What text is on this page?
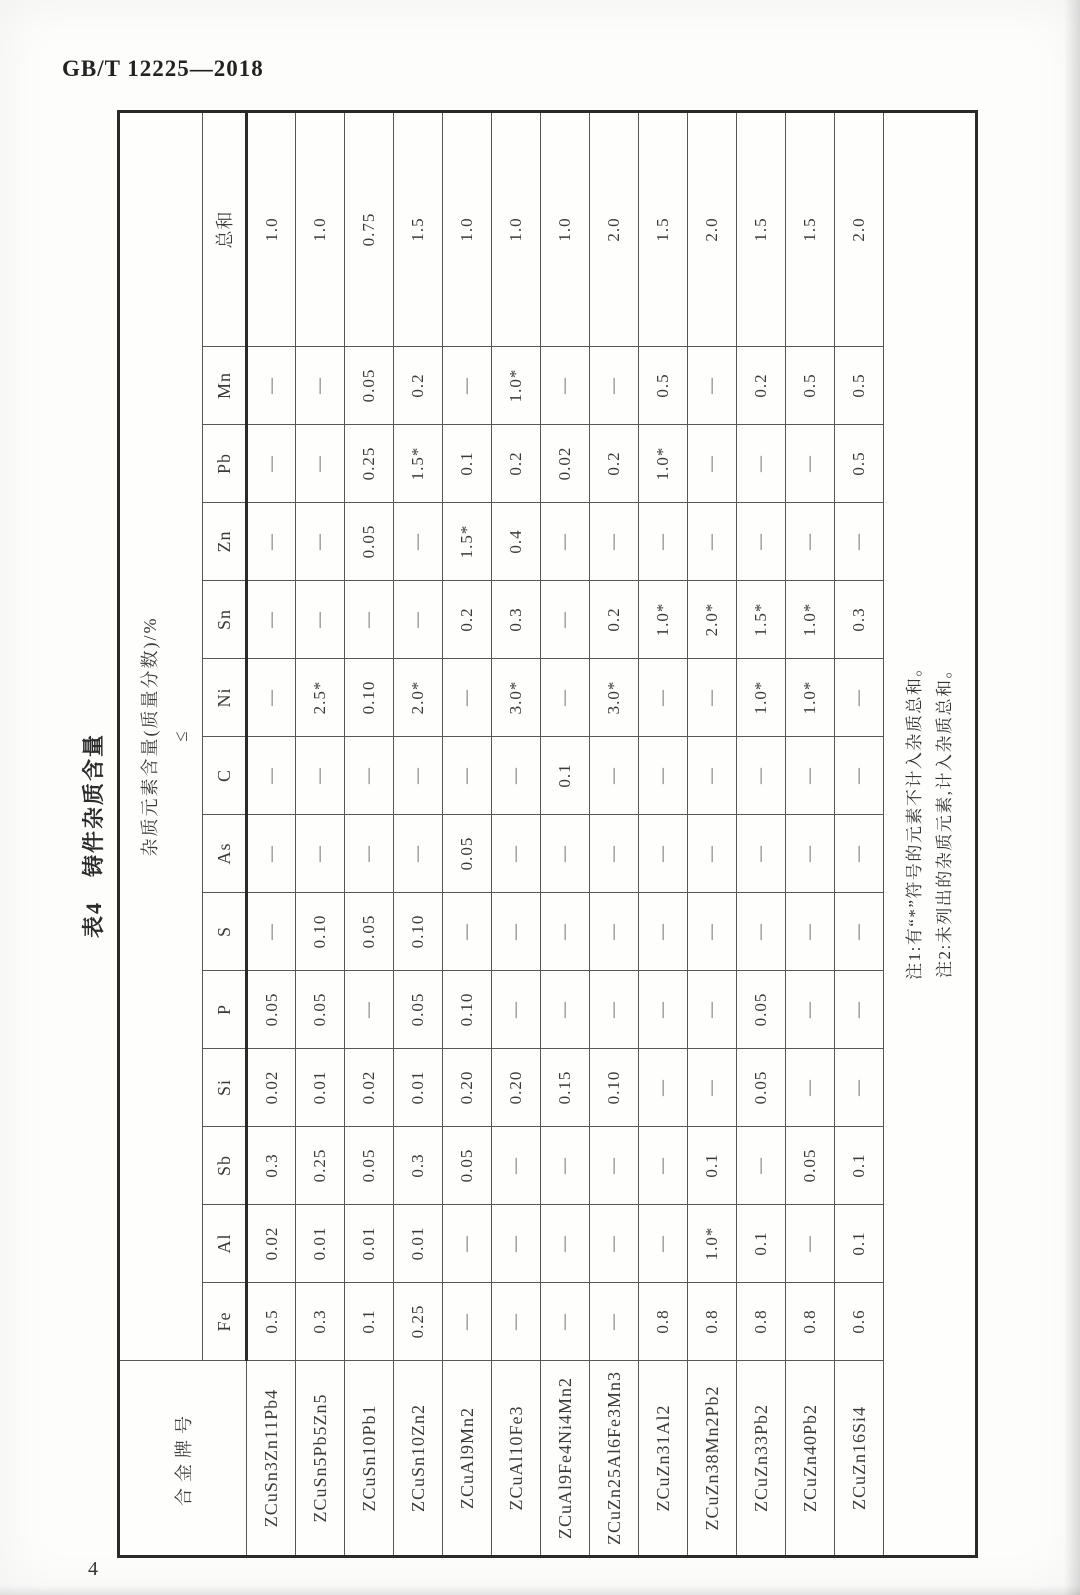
GB/T 12225—2018
表4　铸件杂质含量
合金牌号	杂质元素含量(质量分数)/% ≤													

	Fe	Al	Sb	Si	P	S	As	C	Ni	Sn	Zn	Pb	Mn	总和
ZCuSn3Zn11Pb4	0.5	0.02	0.3	0.02	0.05	—	—	—	—	—	—	—	—	1.0
ZCuSn5Pb5Zn5	0.3	0.01	0.25	0.01	0.05	0.10	—	—	2.5*	—	—	—	—	1.0
ZCuSn10Pb1	0.1	0.01	0.05	0.02	—	0.05	—	—	0.10	—	0.05	0.25	0.05	0.75
ZCuSn10Zn2	0.25	0.01	0.3	0.01	0.05	0.10	—	—	2.0*	—	—	1.5*	0.2	1.5
ZCuAl9Mn2	—	—	0.05	0.20	0.10	—	0.05	—	—	0.2	1.5*	0.1	—	1.0
ZCuAl10Fe3	—	—	—	0.20	—	—	—	—	3.0*	0.3	0.4	0.2	1.0*	1.0
ZCuAl9Fe4Ni4Mn2	—	—	—	0.15	—	—	—	0.1	—	—	—	0.02	—	1.0
ZCuZn25Al6Fe3Mn3	—	—	—	0.10	—	—	—	—	3.0*	0.2	—	0.2	—	2.0
ZCuZn31Al2	0.8	—	—	—	—	—	—	—	—	1.0*	—	1.0*	0.5	1.5
ZCuZn38Mn2Pb2	0.8	1.0*	0.1	—	—	—	—	—	—	2.0*	—	—	—	2.0
ZCuZn33Pb2	0.8	0.1	—	0.05	0.05	—	—	—	1.0*	1.5*	—	—	0.2	1.5
ZCuZn40Pb2	0.8	—	0.05	—	—	—	—	—	1.0*	1.0*	—	—	0.5	1.5
ZCuZn16Si4	0.6	0.1	0.1	—	—	—	—	—	—	0.3	—	0.5	0.5	2.0

注1:有“*”符号的元素不计入杂质总和。 注2:未列出的杂质元素,计入杂质总和。														
4
